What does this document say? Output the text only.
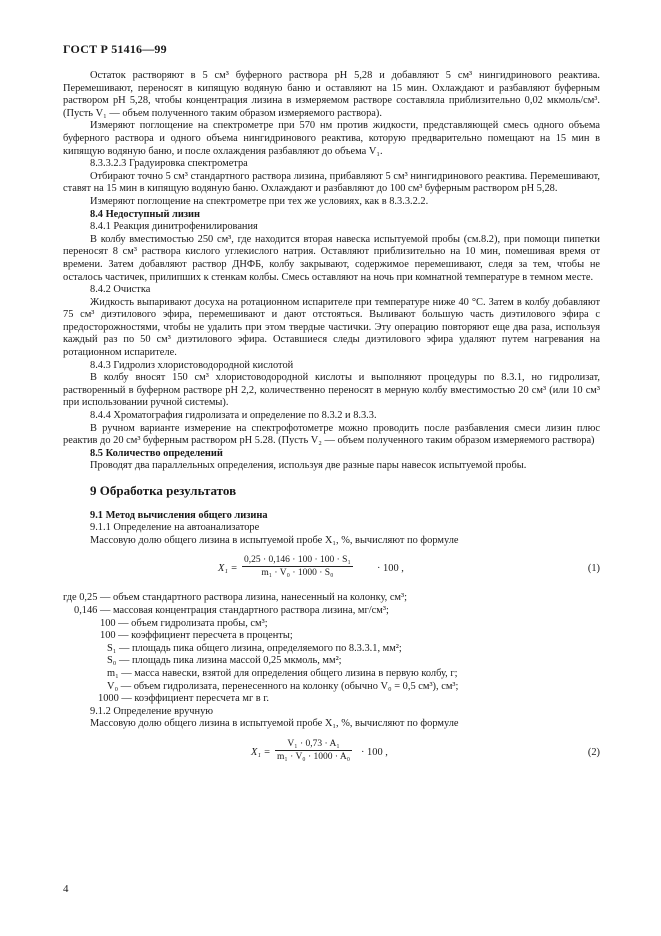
ГОСТ Р 51416—99

Остаток растворяют в 5 см³ буферного раствора рН 5,28 и добавляют 5 см³ нингидринового реактива. Перемешивают, переносят в кипящую водяную баню и оставляют на 15 мин. Охлаждают и разбавляют буферным раствором рН 5,28, чтобы концентрация лизина в измеряемом растворе составляла приблизительно 0,02 мкмоль/см³. (Пусть V₁ — объем полученного таким образом измеряемого раствора).

Измеряют поглощение на спектрометре при 570 нм против жидкости, представляющей смесь одного объема буферного раствора и одного объема нингидринового реактива, которую предварительно помещают на 15 мин в кипящую водяную баню, и после охлаждения разбавляют до объема V₁.

8.3.3.2.3 Градуировка спектрометра

Отбирают точно 5 см³ стандартного раствора лизина, прибавляют 5 см³ нингидринового реактива. Перемешивают, ставят на 15 мин в кипящую водяную баню. Охлаждают и разбавляют до 100 см³ буферным раствором рН 5,28.

Измеряют поглощение на спектрометре при тех же условиях, как в 8.3.3.2.2.

8.4 Недоступный лизин

8.4.1 Реакция динитрофенилирования

В колбу вместимостью 250 см³, где находится вторая навеска испытуемой пробы (см.8.2), при помощи пипетки переносят 8 см³ раствора кислого углекислого натрия. Оставляют приблизительно на 10 мин, помешивая время от времени. Затем добавляют раствор ДНФБ, колбу закрывают, содержимое перемешивают, следя за тем, чтобы не осталось частичек, прилипших к стенкам колбы. Смесь оставляют на ночь при комнатной температуре в темном месте.

8.4.2 Очистка

Жидкость выпаривают досуха на ротационном испарителе при температуре ниже 40 °С. Затем в колбу добавляют 75 см³ диэтилового эфира, перемешивают и дают отстояться. Выливают большую часть диэтилового эфира с предосторожностями, чтобы не удалить при этом твердые частички. Эту операцию повторяют еще два раза, используя каждый раз по 50 см³ диэтилового эфира. Оставшиеся следы диэтилового эфира удаляют путем нагревания на ротационном испарителе.

8.4.3 Гидролиз хлористоводородной кислотой

В колбу вносят 150 см³ хлористоводородной кислоты и выполняют процедуры по 8.3.1, но гидролизат, растворенный в буферном растворе рН 2,2, количественно переносят в мерную колбу вместимостью 20 см³ (или 10 см³ при использовании ручной системы).

8.4.4 Хроматография гидролизата и определение по 8.3.2 и 8.3.3.

В ручном варианте измерение на спектрофотометре можно проводить после разбавления смеси лизин плюс реактив до 20 см³ буферным раствором рН 5.28. (Пусть V₂ — объем полученного таким образом измеряемого раствора)

8.5 Количество определений

Проводят два параллельных определения, используя две разные пары навесок испытуемой пробы.

9 Обработка результатов

9.1 Метод вычисления общего лизина

9.1.1 Определение на автоанализаторе

Массовую долю общего лизина в испытуемой пробе X₁, %, вычисляют по формуле

$X_1 = \frac{\text{0,25 · 0,146 · 100 · 100 · S₁}}{\text{m₁ · V₀ · 1000 · S₀}} \cdot 100$ ,	(1)

где 0,25 — объем стандартного раствора лизина, нанесенный на колонку, см³;

0,146 — массовая концентрация стандартного раствора лизина, мг/см³;

100 — объем гидролизата пробы, см³;

100 — коэффициент пересчета в проценты;

S₁ — площадь пика общего лизина, определяемого по 8.3.3.1, мм²;

S₀ — площадь пика лизина массой 0,25 мкмоль, мм²;

m₁ — масса навески, взятой для определения общего лизина в первую колбу, г;

V₀ — объем гидролизата, перенесенного на колонку (обычно V₀ = 0,5 см³), см³;

1000 — коэффициент пересчета мг в г.

9.1.2 Определение вручную

Массовую долю общего лизина в испытуемой пробе X₁, %, вычисляют по формуле

$X_1 = \frac{\text{V₁ · 0,73 · A₁}}{\text{m₁ · V₀ · 1000 · A₀}} \cdot 100$ ,	(2)
4
